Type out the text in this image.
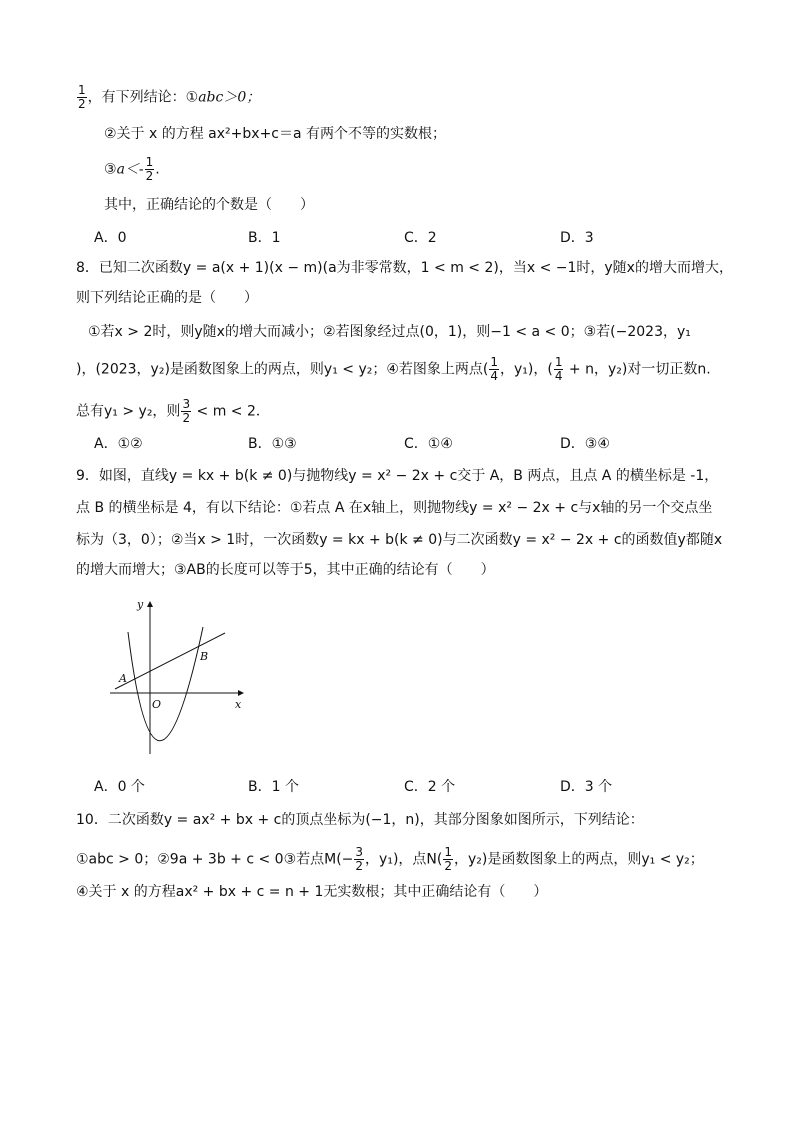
$\frac{1}{2}$ ，有下列结论：①abc＞0；
②关于 x 的方程 ax²+bx+c＝a 有两个不等的实数根；
③a＜- $\frac{1}{2}$ .
其中，正确结论的个数是（　　）
A．0	B．1	C．2	D．3
8．已知二次函数y = a(x + 1)(x − m)(a为非零常数，1 < m < 2)，当x < −1时，y随x的增大而增大，
则下列结论正确的是（　　）
①若x > 2时，则y随x的增大而减小；②若图象经过点(0，1)，则−1 < a < 0；③若(−2023，y₁
)，(2023，y₂)是函数图象上的两点，则y₁ < y₂；④若图象上两点( $\frac{1}{4}$ ，y₁)，( $\frac{1}{4} + n$，y₂)对一切正数n.
总有y₁ > y₂，则 $\frac{3}{2} < m < 2$．
A．①②	B．①③	C．①④	D．③④
9．如图，直线y = kx + b(k ≠ 0)与抛物线y = x² − 2x + c交于 A，B 两点，且点 A 的横坐标是 -1，
点 B 的横坐标是 4，有以下结论：①若点 A 在x轴上，则抛物线y = x² − 2x + c与x轴的另一个交点坐
标为（3，0）；②当x > 1时，一次函数y = kx + b(k ≠ 0)与二次函数y = x² − 2x + c的函数值y都随x
的增大而增大；③AB的长度可以等于5，其中正确的结论有（　　）
y
x
O
A
B
A．0 个	B．1 个	C．2 个	D．3 个
10．二次函数y = ax² + bx + c的顶点坐标为(−1，n)，其部分图象如图所示，下列结论：
①abc > 0；②9a + 3b + c < 0③若点$M(- \frac{3}{2}$ ，y₁)，点$N( \frac{1}{2}$ ，y₂)是函数图象上的两点，则y₁ < y₂；
④关于 x 的方程ax² + bx + c = n + 1无实数根；其中正确结论有（　　）
